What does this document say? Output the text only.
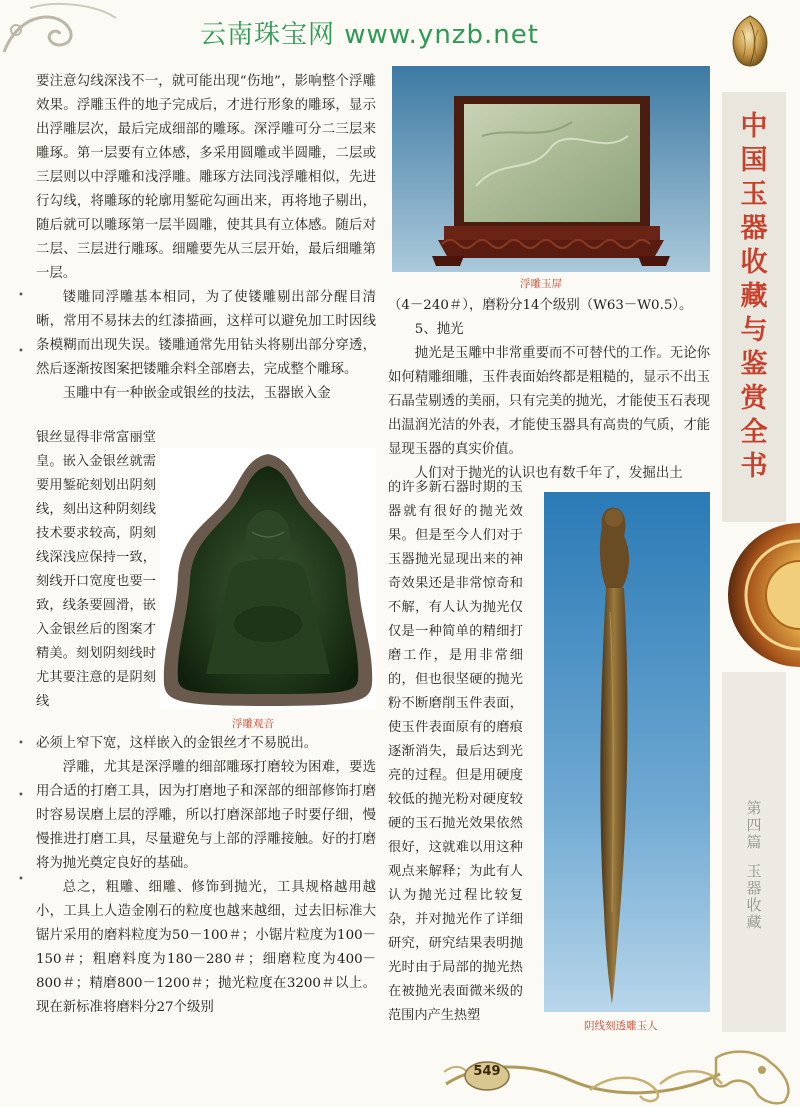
云南珠宝网 www.ynzb.net
中
国
玉
器
收
藏
与
鉴
赏
全
书
第
四
篇
玉
器
收
藏

要注意勾线深浅不一，就可能出现“伤地”，影响整个浮雕效果。浮雕玉件的地子完成后，才进行形象的雕琢，显示出浮雕层次，最后完成细部的雕琢。深浮雕可分二三层来雕琢。第一层要有立体感，多采用圆雕或半圆雕，二层或三层则以中浮雕和浅浮雕。雕琢方法同浅浮雕相似，先进行勾线，将雕琢的轮廓用錾砣勾画出来，再将地子剔出，随后就可以雕琢第一层半圆雕，使其具有立体感。随后对二层、三层进行雕琢。细雕要先从三层开始，最后细雕第一层。

镂雕同浮雕基本相同，为了使镂雕剔出部分醒目清晰，常用不易抹去的红漆描画，这样可以避免加工时因线条模糊而出现失误。镂雕通常先用钻头将剔出部分穿透，然后逐渐按图案把镂雕余料全部磨去，完成整个雕琢。

玉雕中有一种嵌金或银丝的技法，玉器嵌入金

银丝显得非常富丽堂皇。嵌入金银丝就需要用錾砣刻划出阴刻线，刻出这种阴刻线技术要求较高，阴刻线深浅应保持一致，刻线开口宽度也要一致，线条要圆滑，嵌入金银丝后的图案才精美。刻划阴刻线时尤其要注意的是阴刻线

必须上窄下宽，这样嵌入的金银丝才不易脱出。

浮雕，尤其是深浮雕的细部雕琢打磨较为困难，要选用合适的打磨工具，因为打磨地子和深部的细部修饰打磨时容易误磨上层的浮雕，所以打磨深部地子时要仔细，慢慢推进打磨工具，尽量避免与上部的浮雕接触。好的打磨将为抛光奠定良好的基础。

总之，粗雕、细雕、修饰到抛光，工具规格越用越小，工具上人造金刚石的粒度也越来越细，过去旧标准大锯片采用的磨料粒度为50－100＃；小锯片粒度为100－150＃；粗磨料度为180－280＃；细磨粒度为400－800＃；精磨800－1200＃；抛光粒度在3200＃以上。现在新标准将磨料分27个级别

•
•
•
•
•

（4－240＃），磨粉分14个级别（W63－W0.5）。

5、抛光

抛光是玉雕中非常重要而不可替代的工作。无论你如何精雕细雕，玉件表面始终都是粗糙的，显示不出玉石晶莹剔透的美丽，只有完美的抛光，才能使玉石表现出温润光洁的外表，才能使玉器具有高贵的气质，才能显现玉器的真实价值。

人们对于抛光的认识也有数千年了，发掘出土

的许多新石器时期的玉器就有很好的抛光效果。但是至今人们对于玉器抛光显现出来的神奇效果还是非常惊奇和不解，有人认为抛光仅仅是一种简单的精细打磨工作，是用非常细的，但也很坚硬的抛光粉不断磨削玉件表面，使玉件表面原有的磨痕逐渐消失，最后达到光亮的过程。但是用硬度较低的抛光粉对硬度较硬的玉石抛光效果依然很好，这就难以用这种观点来解释；为此有人认为抛光过程比较复杂，并对抛光作了详细研究，研究结果表明抛光时由于局部的抛光热在被抛光表面微米级的范围内产生热塑

浮雕玉屏
浮雕观音
阴线刻透雕玉人
549
